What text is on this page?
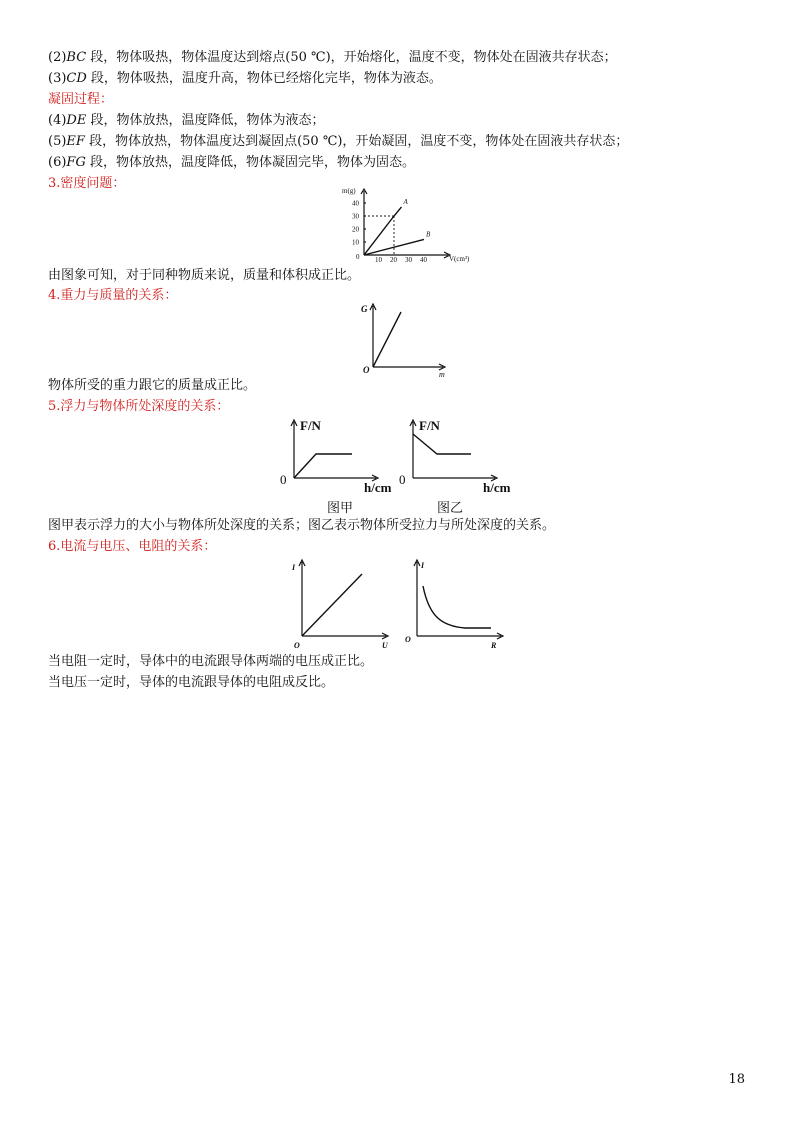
(2)BC 段，物体吸热，物体温度达到熔点(50 ℃)，开始熔化，温度不变，物体处在固液共存状态；
(3)CD 段，物体吸热，温度升高，物体已经熔化完毕，物体为液态。
凝固过程：
(4)DE 段，物体放热，温度降低，物体为液态；
(5)EF 段，物体放热，物体温度达到凝固点(50 ℃)，开始凝固，温度不变，物体处在固液共存状态；
(6)FG 段，物体放热，温度降低，物体凝固完毕，物体为固态。
3.密度问题：	m(g)
V(cm³)
0 10 20 30 40
10
20
30
40	A
B
由图象可知，对于同种物质来说，质量和体积成正比。
4.重力与质量的关系：
G
m
O
物体所受的重力跟它的质量成正比。
5.浮力与物体所处深度的关系：
F/N
h/cm
0
F/N
h/cm
0
图甲	图乙
图甲表示浮力的大小与物体所处深度的关系；图乙表示物体所受拉力与所处深度的关系。
6.电流与电压、电阻的关系：
I
U
O
I
R
O
当电阻一定时，导体中的电流跟导体两端的电压成正比。
当电压一定时，导体的电流跟导体的电阻成反比。
18
